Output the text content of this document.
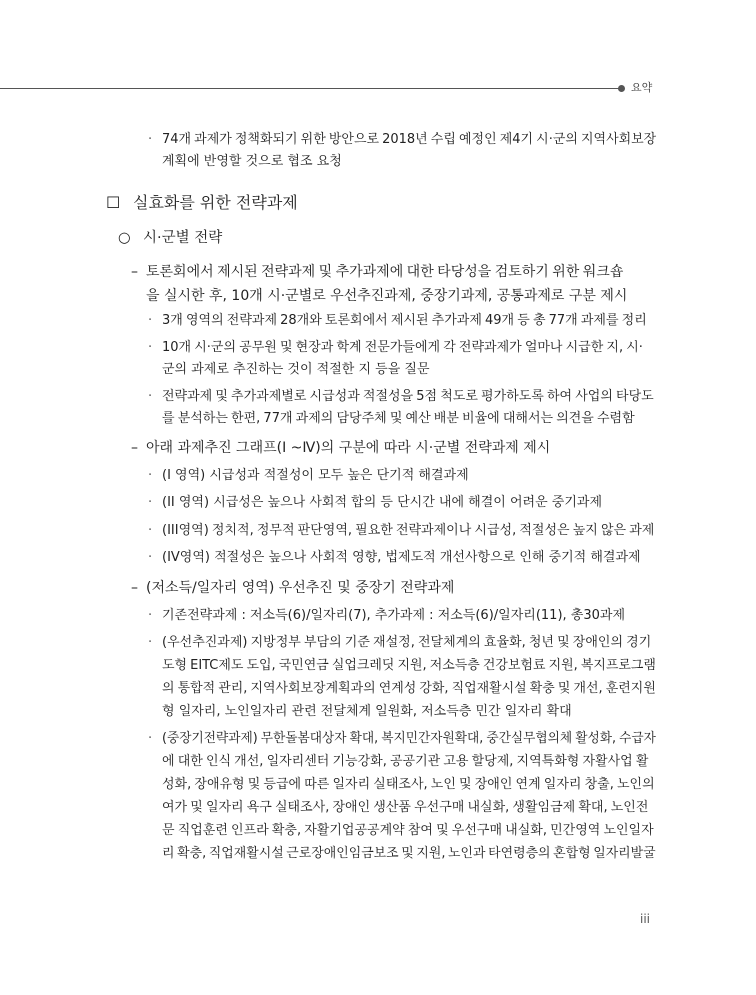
요약
· 74개 과제가 정책화되기 위한 방안으로 2018년 수립 예정인 제4기 시·군의 지역사회보장
계획에 반영할 것으로 협조 요청
☐ 실효화를 위한 전략과제
○ 시·군별 전략
– 토론회에서 제시된 전략과제 및 추가과제에 대한 타당성을 검토하기 위한 워크숍
을 실시한 후, 10개 시·군별로 우선추진과제, 중장기과제, 공통과제로 구분 제시
· 3개 영역의 전략과제 28개와 토론회에서 제시된 추가과제 49개 등 총 77개 과제를 정리
· 10개 시·군의 공무원 및 현장과 학계 전문가들에게 각 전략과제가 얼마나 시급한 지, 시·
군의 과제로 추진하는 것이 적절한 지 등을 질문
· 전략과제 및 추가과제별로 시급성과 적절성을 5점 척도로 평가하도록 하여 사업의 타당도
를 분석하는 한편, 77개 과제의 담당주체 및 예산 배분 비율에 대해서는 의견을 수렴함
– 아래 과제추진 그래프(Ⅰ ~Ⅳ)의 구분에 따라 시·군별 전략과제 제시
· (I 영역) 시급성과 적절성이 모두 높은 단기적 해결과제
· (II 영역) 시급성은 높으나 사회적 합의 등 단시간 내에 해결이 어려운 중기과제
· (III영역) 정치적, 정무적 판단영역, 필요한 전략과제이나 시급성, 적절성은 높지 않은 과제
· (IV영역) 적절성은 높으나 사회적 영향, 법제도적 개선사항으로 인해 중기적 해결과제
– (저소득/일자리 영역) 우선추진 및 중장기 전략과제
· 기존전략과제 : 저소득(6)/일자리(7), 추가과제 : 저소득(6)/일자리(11), 총30과제
· (우선추진과제) 지방정부 부담의 기준 재설정, 전달체계의 효율화, 청년 및 장애인의 경기
도형 EITC제도 도입, 국민연금 실업크레딧 지원, 저소득층 건강보험료 지원, 복지프로그램
의 통합적 관리, 지역사회보장계획과의 연계성 강화, 직업재활시설 확충 및 개선, 훈련지원
형 일자리, 노인일자리 관련 전달체계 일원화, 저소득층 민간 일자리 확대
· (중장기전략과제) 무한돌봄대상자 확대, 복지민간자원확대, 중간실무협의체 활성화, 수급자
에 대한 인식 개선, 일자리센터 기능강화, 공공기관 고용 할당제, 지역특화형 자활사업 활
성화, 장애유형 및 등급에 따른 일자리 실태조사, 노인 및 장애인 연계 일자리 창출, 노인의
여가 및 일자리 욕구 실태조사, 장애인 생산품 우선구매 내실화, 생활임금제 확대, 노인전
문 직업훈련 인프라 확충, 자활기업공공계약 참여 및 우선구매 내실화, 민간영역 노인일자
리 확충, 직업재활시설 근로장애인임금보조 및 지원, 노인과 타연령층의 혼합형 일자리발굴
iii
